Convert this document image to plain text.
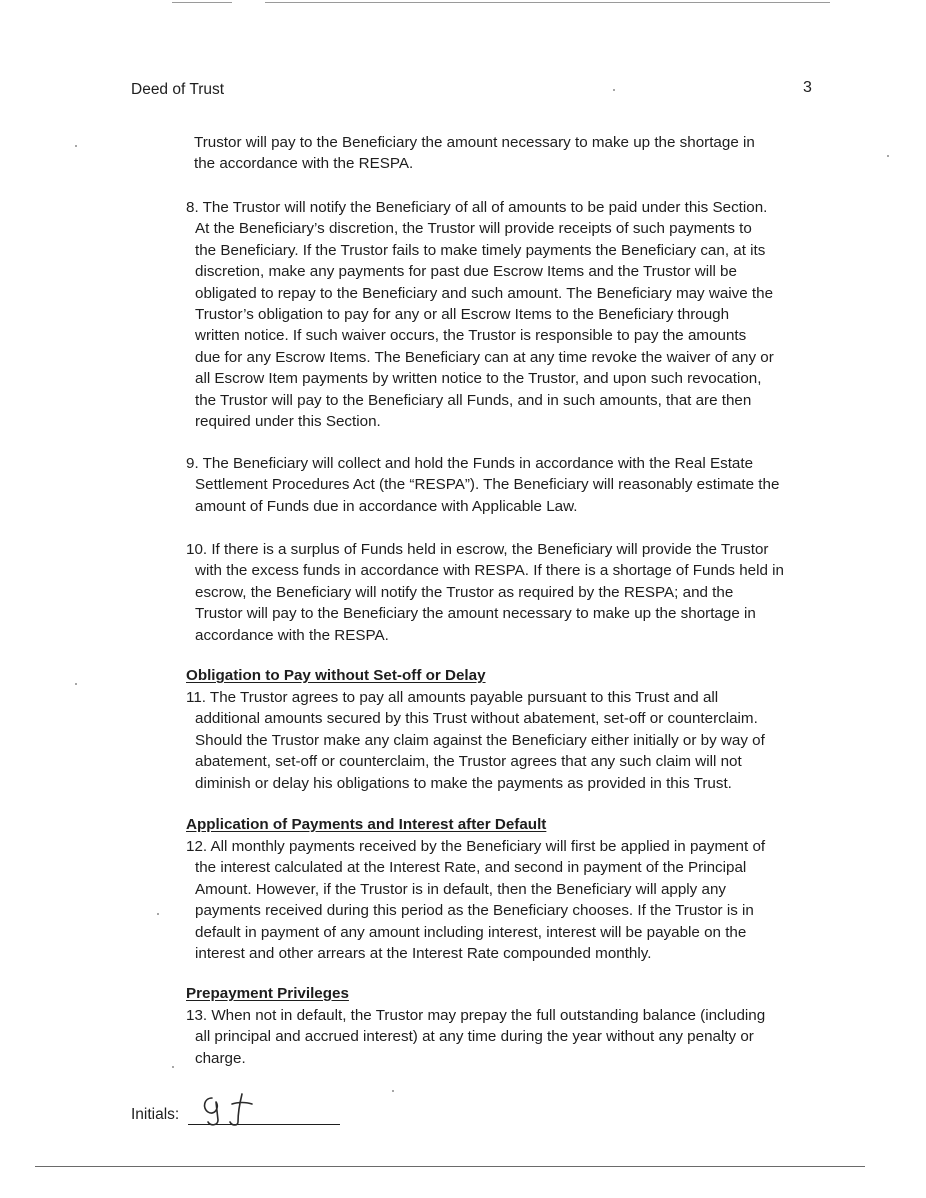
Deed of Trust	3
Trustor will pay to the Beneficiary the amount necessary to make up the shortage in
the accordance with the RESPA.
8. The Trustor will notify the Beneficiary of all of amounts to be paid under this Section.
At the Beneficiary’s discretion, the Trustor will provide receipts of such payments to
the Beneficiary. If the Trustor fails to make timely payments the Beneficiary can, at its
discretion, make any payments for past due Escrow Items and the Trustor will be
obligated to repay to the Beneficiary and such amount. The Beneficiary may waive the
Trustor’s obligation to pay for any or all Escrow Items to the Beneficiary through
written notice. If such waiver occurs, the Trustor is responsible to pay the amounts
due for any Escrow Items. The Beneficiary can at any time revoke the waiver of any or
all Escrow Item payments by written notice to the Trustor, and upon such revocation,
the Trustor will pay to the Beneficiary all Funds, and in such amounts, that are then
required under this Section.
9. The Beneficiary will collect and hold the Funds in accordance with the Real Estate
Settlement Procedures Act (the “RESPA”). The Beneficiary will reasonably estimate the
amount of Funds due in accordance with Applicable Law.
10. If there is a surplus of Funds held in escrow, the Beneficiary will provide the Trustor
with the excess funds in accordance with RESPA. If there is a shortage of Funds held in
escrow, the Beneficiary will notify the Trustor as required by the RESPA; and the
Trustor will pay to the Beneficiary the amount necessary to make up the shortage in
accordance with the RESPA.
Obligation to Pay without Set-off or Delay
11. The Trustor agrees to pay all amounts payable pursuant to this Trust and all
additional amounts secured by this Trust without abatement, set-off or counterclaim.
Should the Trustor make any claim against the Beneficiary either initially or by way of
abatement, set-off or counterclaim, the Trustor agrees that any such claim will not
diminish or delay his obligations to make the payments as provided in this Trust.
Application of Payments and Interest after Default
12. All monthly payments received by the Beneficiary will first be applied in payment of
the interest calculated at the Interest Rate, and second in payment of the Principal
Amount. However, if the Trustor is in default, then the Beneficiary will apply any
payments received during this period as the Beneficiary chooses. If the Trustor is in
default in payment of any amount including interest, interest will be payable on the
interest and other arrears at the Interest Rate compounded monthly.
Prepayment Privileges
13. When not in default, the Trustor may prepay the full outstanding balance (including
all principal and accrued interest) at any time during the year without any penalty or
charge.
Initials:
